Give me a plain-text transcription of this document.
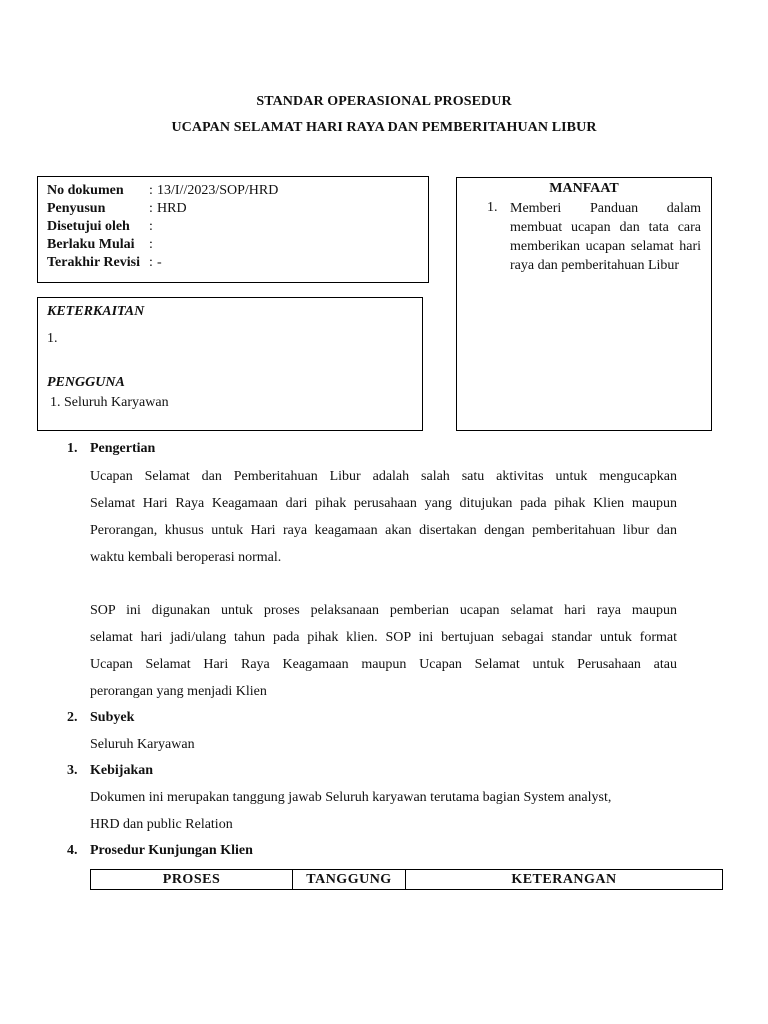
STANDAR OPERASIONAL PROSEDUR
UCAPAN SELAMAT HARI RAYA DAN PEMBERITAHUAN LIBUR
No dokumen : 13/I//2023/SOP/HRD
Penyusun	: HRD
Disetujui oleh :
Berlaku Mulai :
Terakhir Revisi : -
MANFAAT
1. Memberi Panduan dalam membuat ucapan dan tata cara memberikan ucapan selamat hari raya dan pemberitahuan Libur
KETERKAITAN
1.
PENGGUNA
1. Seluruh Karyawan
1. Pengertian
Ucapan Selamat dan Pemberitahuan Libur adalah salah satu aktivitas untuk mengucapkan
Selamat Hari Raya Keagamaan dari pihak perusahaan yang ditujukan pada pihak Klien maupun
Perorangan, khusus untuk Hari raya keagamaan akan disertakan dengan pemberitahuan libur dan
waktu kembali beroperasi normal.
SOP ini digunakan untuk proses pelaksanaan pemberian ucapan selamat hari raya maupun
selamat hari jadi/ulang tahun pada pihak klien. SOP ini bertujuan sebagai standar untuk format
Ucapan Selamat Hari Raya Keagamaan maupun Ucapan Selamat untuk Perusahaan atau
perorangan yang menjadi Klien
2. Subyek
Seluruh Karyawan
3. Kebijakan
Dokumen ini merupakan tanggung jawab Seluruh karyawan terutama bagian System analyst,
HRD dan public Relation
4. Prosedur Kunjungan Klien
PROSES	TANGGUNG	KETERANGAN
